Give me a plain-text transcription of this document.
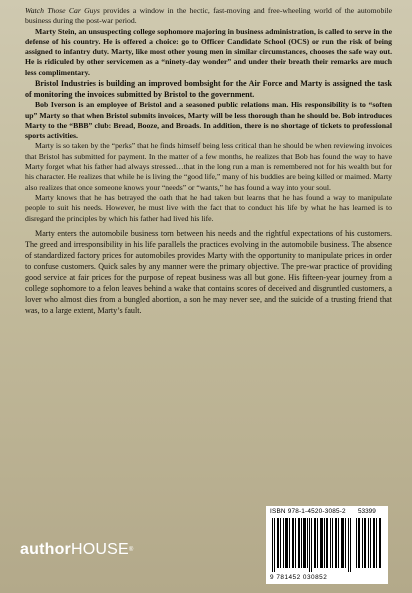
Watch Those Car Guys provides a window in the hectic, fast-moving and free-wheeling world of the automobile business during the post-war period.

Marty Stein, an unsuspecting college sophomore majoring in business administration, is called to serve in the defense of his country. He is offered a choice: go to Officer Candidate School (OCS) or run the risk of being assigned to infantry duty. Marty, like most other young men in similar circumstances, chooses the safe way out. He is ridiculed by other servicemen as a “ninety-day wonder” and under their breath their remarks are much less complimentary.

Bristol Industries is building an improved bombsight for the Air Force and Marty is assigned the task of monitoring the invoices submitted by Bristol to the government.

Bob Iverson is an employee of Bristol and a seasoned public relations man. His responsibility is to “soften up” Marty so that when Bristol submits invoices, Marty will be less thorough than he should be. Bob introduces Marty to the “BBB” club: Bread, Booze, and Broads. In addition, there is no shortage of tickets to professional sports activities.

Marty is so taken by the “perks” that he finds himself being less critical than he should be when reviewing invoices that Bristol has submitted for payment. In the matter of a few months, he realizes that Bob has found the way to have Marty forget what his father had always stressed…that in the long run a man is remembered not for his wealth but for his character. He realizes that while he is living the “good life,” many of his buddies are being killed or maimed. Marty also realizes that once someone knows your “needs” or “wants,” he has found a way into your soul.

Marty knows that he has betrayed the oath that he had taken but learns that he has found a way to manipulate people to suit his needs. However, he must live with the fact that to conduct his life by what he has learned is to disregard the principles by which his father had lived his life.

Marty enters the automobile business torn between his needs and the rightful expectations of his customers. The greed and irresponsibility in his life parallels the practices evolving in the automobile business. The absence of standardized factory prices for automobiles provides Marty with the opportunity to manipulate prices in order to confuse customers. Quick sales by any manner were the primary objective. The pre-war practice of providing good service at fair prices for the purpose of repeat business was all but gone. His fifteen-year journey from a college sophomore to a felon leaves behind a wake that contains scores of deceived and disgruntled customers, a lover who almost dies from a bungled abortion, a son he may never see, and the suicide of a trusting friend that was, to a large extent, Marty’s fault.

authorHOUSE®
ISBN 978-1-4520-3085-2 53399
9 781452 030852
